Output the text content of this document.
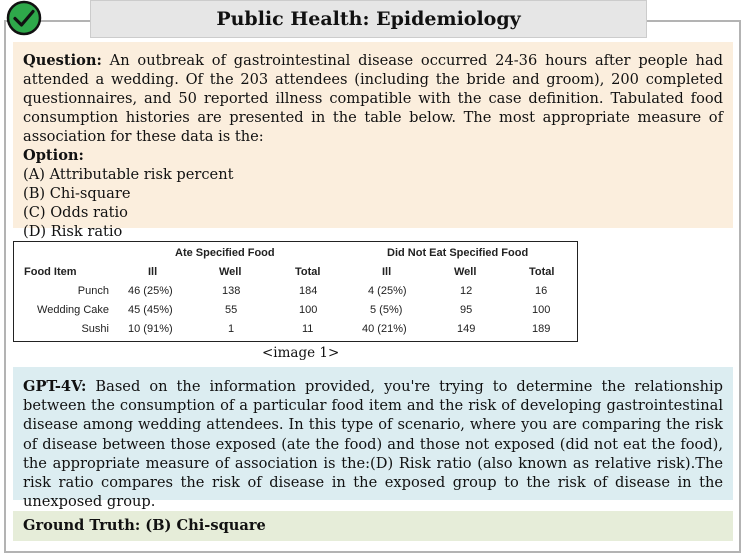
Public Health: Epidemiology
Question: An outbreak of gastrointestinal disease occurred 24-36 hours after people had attended a wedding. Of the 203 attendees (including the bride and groom), 200 completed questionnaires, and 50 reported illness compatible with the case definition. Tabulated food consumption histories are presented in the table below. The most appropriate measure of association for these data is the:
Option:
(A) Attributable risk percent
(B) Chi-square
(C) Odds ratio
(D) Risk ratio
Ate Specified Food	Did Not Eat Specified Food
Food Item	Ill	Well	Total	Ill	Well	Total
Punch 46 (25%)	138	184	4 (25%)	12	16
Wedding Cake 45 (45%)	55	100	5 (5%)	95	100
Sushi 10 (91%)	1	11	40 (21%)	149	189
<image 1>
GPT-4V: Based on the information provided, you're trying to determine the relationship between the consumption of a particular food item and the risk of developing gastrointestinal disease among wedding attendees. In this type of scenario, where you are comparing the risk of disease between those exposed (ate the food) and those not exposed (did not eat the food), the appropriate measure of association is the:(D) Risk ratio (also known as relative risk).The risk ratio compares the risk of disease in the exposed group to the risk of disease in the unexposed group.
Ground Truth: (B) Chi-square
